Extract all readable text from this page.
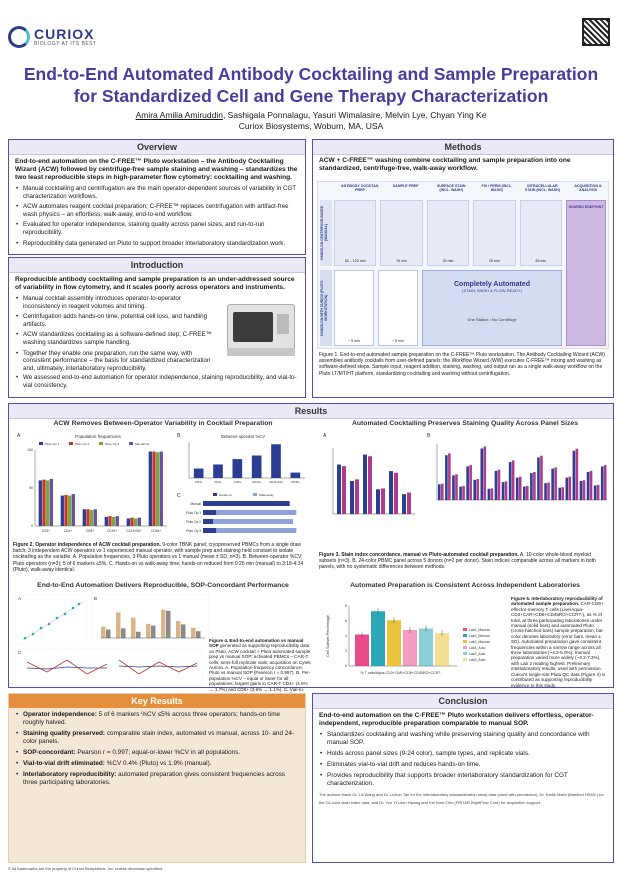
CURIOX
BIOLOGY AT ITS BEST
End-to-End Automated Antibody Cocktailing and Sample Preparation
for Standardized Cell and Gene Therapy Characterization
Amira Amilia Amiruddin, Sashigala Ponnalagu, Yasuri Wimalasire, Melvin Lye, Chyan Ying Ke
Curiox Biosystems, Woburn, MA, USA
Overview
End-to-end automation on the C-FREE™ Pluto workstation – the Antibody Cocktailing Wizard (ACW) followed by centrifuge-free sample staining and washing – standardizes the two least reproducible steps in high-parameter flow cytometry: cocktailing and washing.
• Manual cocktailing and centrifugation are the main operator-dependent sources of variability in CGT characterization workflows.
• ACW automates reagent cocktail preparation; C-FREE™ replaces centrifugation with artifact-free wash physics – an effortless, walk-away, end-to-end workflow.
• Evaluated for operator independence, staining quality across panel sizes, and run-to-run reproducibility.
• Reproducibility data generated on Pluto to support broader interlaboratory standardization work.
Introduction
Reproducible antibody cocktailing and sample preparation is an under-addressed source of variability in flow cytometry, and it scales poorly across operators and instruments.
• Manual cocktail assembly introduces operator-to-operator inconsistency in reagent volumes and timing.
• Centrifugation adds hands-on time, potential cell loss, and handling artifacts.
• ACW standardizes cocktailing as a software-defined step; C-FREE™ washing standardizes sample handling.
• Together they enable one preparation, run the same way, with consistent performance – the basis for standardized characterization and, ultimately, interlaboratory reproducibility.
• We assessed end-to-end automation for operator independence, staining reproducibility, and vial-to-vial consistency.
Methods
ACW + C-FREE™ washing combine cocktailing and sample preparation into one standardized, centrifuge-free, walk-away workflow.
ANTIBODY COCKTAIL PREP
SAMPLE PREP	SURFACE STAIN (INCL. WASH)
FIX / PERM (INCL. WASH)
INTRACELLULAR STAIN (INCL. WASH)
ACQUISITION & ANALYSIS
HANDS-ON CENTRIFUGE-BASED (MANUAL)
60 – 120 min	15 min	30 min	25 min	25 min
HANDS-ON WITH CURIOX (PLUTO WORKSTATION)
~ 5 min	~ 5 min
Completely Automated
(STAIN, WASH & FLOW-READY)
One Station • No Centrifuge
SHARED ENDPOINT
Figure 1. End-to-end automated sample preparation on the C-FREE™ Pluto workstation. The Antibody Cocktailing Wizard (ACW) assembles antibody cocktails from user-defined panels; the Workflow Wizard (WW) executes C-FREE™ mixing and washing as software-defined steps. Sample input, reagent addition, staining, washing, and output run as a single walk-away workflow on the Pluto LT/MT/HT platform, standardizing cocktailing and washing without centrifugation.
Results
ACW Removes Between-Operator Variability in Cocktail Preparation
A	Population frequencies
Pluto Op 1	Pluto Op 2	Pluto Op 3	Manual Op
0
50
100
CD3+	CD4+	CD8+	CD19+	CD16+56+	CD45+
B	Between-operator %CV
CD3+	CD4+	CD8+	CD19+ CD16+56+ CD45+
C	Hands-on	Walk-away
Manual
Pluto Op 1
Pluto Op 2
Pluto Op 3
Figure 2. Operator independence of ACW cocktail preparation. 9-color TBNK panel; cryopreserved PBMCs from a single draw batch; 3 independent ACW operators vs 1 experienced manual operator, with sample prep and staining held constant to isolate cocktailing as the variable. A. Population frequencies, 3 Pluto operators vs 1 manual (mean ± SD, n=3). B. Between-operator %CV; Pluto operators (n=3); 5 of 6 markers ≤5%. C. Hands-on vs walk-away time; hands-on reduced from 0:26 min (manual) to 3:18-4:34 (Pluto), walk-away identical.
Automated Cocktailing Preserves Staining Quality Across Panel Sizes
A	B
Figure 3. Stain index concordance, manual vs Pluto-automated cocktail preparation. A. 10-color whole-blood myeloid subsets (n=3). B. 24-color PBMC panel across 5 donors (n=2 per donor). Stain indices comparable across all markers in both panels, with no systematic differences between methods.
End-to-End Automation Delivers Reproducible, SOP-Concordant Performance
A	B
C
Figure 4. End-to-end automation vs manual SOP generated as supporting reproducibility data on Pluto. ACW cocktail + Pluto automated sample prep vs manual SOP; activated PBMCs – CAR-T cells; semi-full replicate vials; acquisition on Cytek Aurora. A. Population-frequency concordance, Pluto vs manual SOP (Pearson r = 0.997). B. Per-population %CV – equal or lower for all populations; largest gains in CAR-T CD4+ (4.5% → 1.7%) and CD8+ (3.6% → 1.1%). C. Vial-to-
Automated Preparation is Consistent Across Independent Laboratories
Cell Subset Percentage
0
2
4
6
8
% T cells/Aqua-CD3+CAR+CD8+CD45RO+CCR7-
Lab1_Manual
Lab2_Manual
Lab3_Manual
Lab1_Auto
Lab2_Auto
Lab3_Auto
Figure 5. Interlaboratory reproducibility of automated sample preparation. CAR-CD8+ effector-memory T cells (Live/Aqua-CD3+CAR+CD8+CD45RO+CCR7-), as % of total, at three participating laboratories under manual (solid bars) and automated Pluto (cross-hatched bars) sample preparation; bar color denotes laboratory (error bars, mean ± SD). Automated preparation gave consistent frequencies within a narrow range across all three laboratories (~4.2-5.0%); manual preparation varied more widely (~4.2-7.3%), with Lab 2 reading highest. Preliminary interlaboratory results, used with permission. Curiox's single-site Pluto QC data (Figure 4) is contributed as supporting reproducibility evidence to this study.
Key Results
• Operator independence: 5 of 6 markers %CV ≤5% across three operators; hands-on time roughly halved.
• Staining quality preserved: comparable stain index, automated vs manual, across 10- and 24-color panels.
• SOP-concordant: Pearson r = 0.997; equal-or-lower %CV in all populations.
• Vial-to-vial drift eliminated: %CV 0.4% (Pluto) vs 1.9% (manual).
• Interlaboratory reproducibility: automated preparation gives consistent frequencies across three participating laboratories.
Conclusion
End-to-end automation on the C-FREE™ Pluto workstation delivers effortless, operator-independent, reproducible preparation comparable to manual SOP.
• Standardizes cocktailing and washing while preserving staining quality and concordance with manual SOP.
• Holds across panel sizes (9-24 color), sample types, and replicate vials.
• Eliminates vial-to-vial drift and reduces hands-on time.
• Provides reproducibility that supports broader interlaboratory standardization for CGT characterization.
The authors thank Dr. Lili Wang and Dr. Lichun Tan for the interlaboratory standardization study data (used with permission), Dr. Kartik Malhi (Manfred HSMC) for the 24-color stain index data, and Dr. Yoo Yi Leon Hwang and Kei Kian Chin (FRITAR BightFlow Core) for acquisition support.
© All trademarks are the property of Curiox Biosystems, Inc. unless otherwise specified.
